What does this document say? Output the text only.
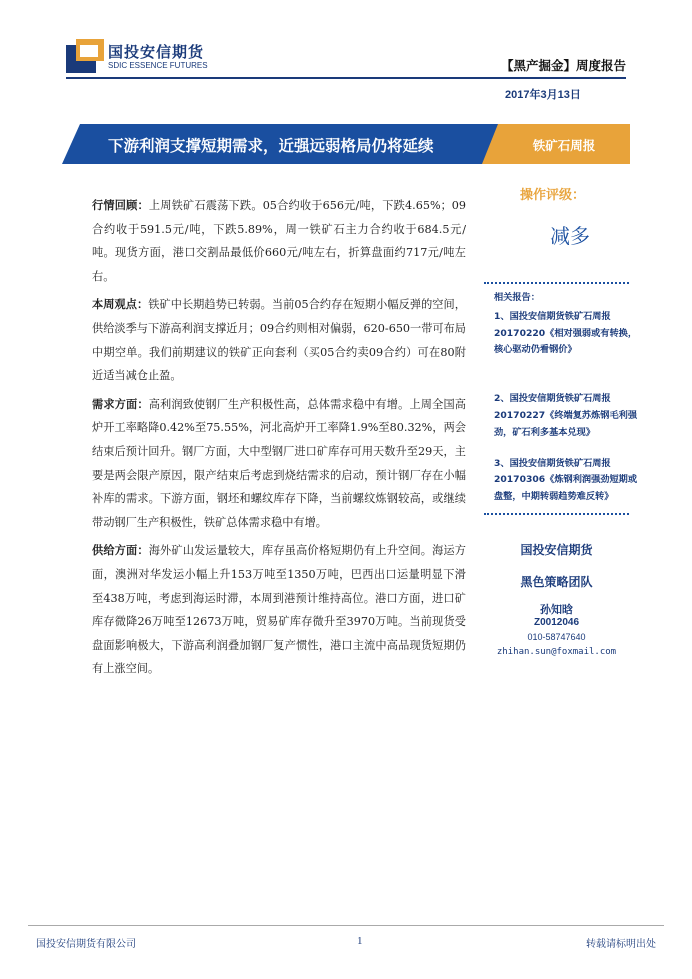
国投安信期货
SDIC ESSENCE FUTURES	【黑产掘金】周度报告
2017年3月13日
下游利润支撑短期需求，近强远弱格局仍将延续	铁矿石周报

行情回顾：上周铁矿石震荡下跌。05合约收于656元/吨，下跌4.65%；09合约收于591.5元/吨，下跌5.89%，周一铁矿石主力合约收于684.5元/吨。现货方面，港口交割品最低价660元/吨左右，折算盘面约717元/吨左右。

本周观点：铁矿中长期趋势已转弱。当前05合约存在短期小幅反弹的空间，供给淡季与下游高利润支撑近月；09合约则相对偏弱，620-650一带可布局中期空单。我们前期建议的铁矿正向套利（买05合约卖09合约）可在80附近适当减仓止盈。

需求方面：高利润致使钢厂生产积极性高，总体需求稳中有增。上周全国高炉开工率略降0.42%至75.55%，河北高炉开工率降1.9%至80.32%，两会结束后预计回升。钢厂方面，大中型钢厂进口矿库存可用天数升至29天，主要是两会限产原因，限产结束后考虑到烧结需求的启动，预计钢厂存在小幅补库的需求。下游方面，钢坯和螺纹库存下降，当前螺纹炼钢较高，或继续带动钢厂生产积极性，铁矿总体需求稳中有增。

供给方面：海外矿山发运量较大，库存虽高价格短期仍有上升空间。海运方面，澳洲对华发运小幅上升153万吨至1350万吨，巴西出口运量明显下滑至438万吨，考虑到海运时滞，本周到港预计维持高位。港口方面，进口矿库存微降26万吨至12673万吨，贸易矿库存微升至3970万吨。当前现货受盘面影响极大，下游高利润叠加钢厂复产惯性，港口主流中高品现货短期仍有上涨空间。

操作评级：
减多
相关报告：
1、国投安信期货铁矿石周报
20170220《相对强弱或有转换，核心驱动仍看钢价》
2、国投安信期货铁矿石周报
20170227《终端复苏炼钢毛利强劲，矿石利多基本兑现》
3、国投安信期货铁矿石周报
20170306《炼钢利润强劲短期或盘整，中期转弱趋势难反转》
国投安信期货
黑色策略团队
孙知晗
Z0012046
010-58747640
zhihan.sun@foxmail.com
国投安信期货有限公司	1	转载请标明出处
